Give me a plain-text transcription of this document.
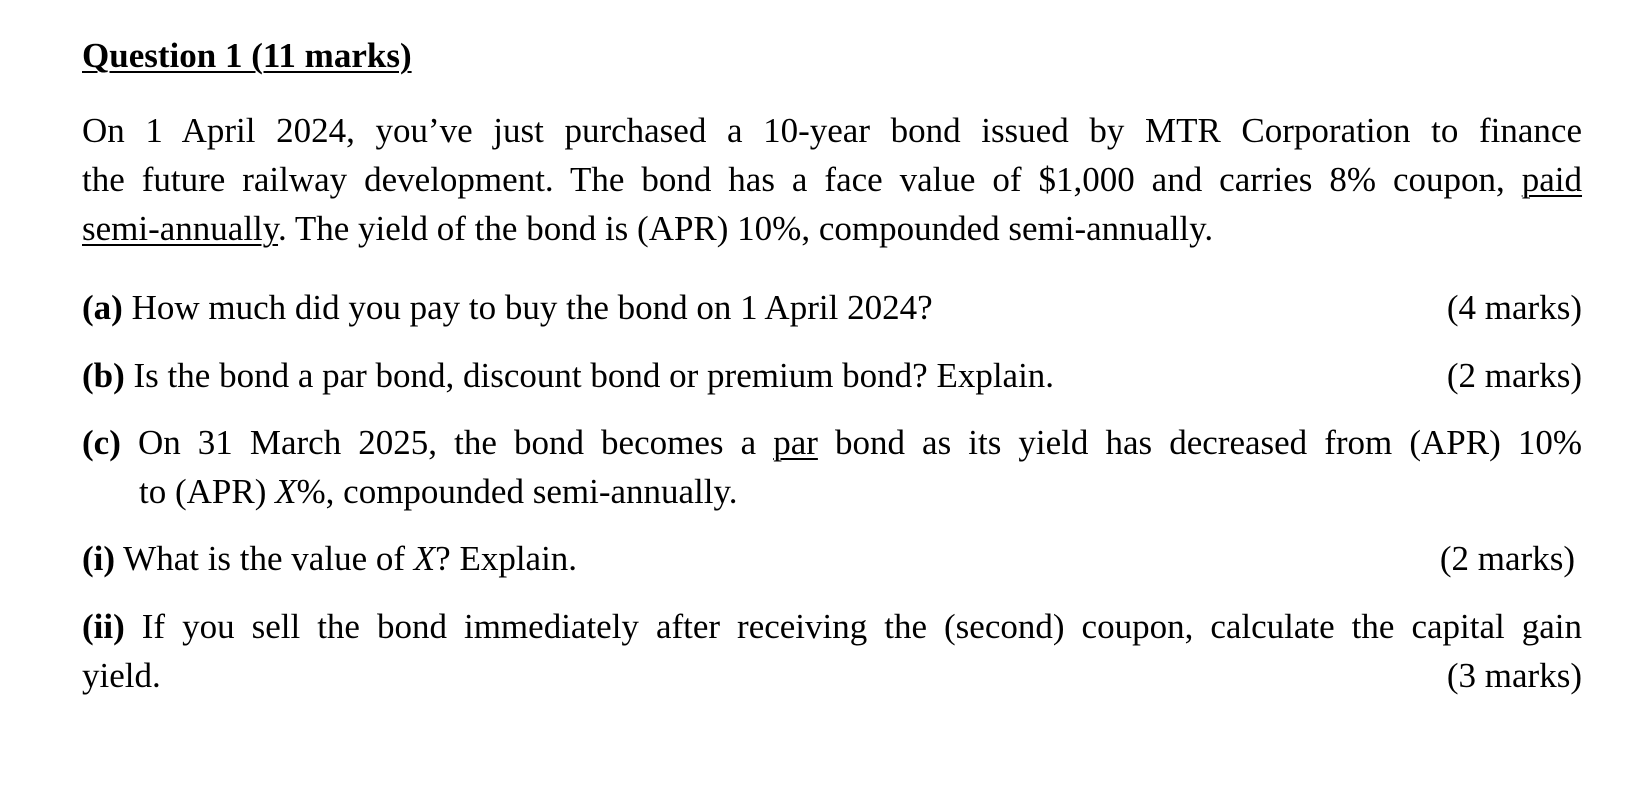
Question 1 (11 marks)
On 1 April 2024, you’ve just purchased a 10-year bond issued by MTR Corporation to finance
the future railway development. The bond has a face value of $1,000 and carries 8% coupon, paid
semi-annually. The yield of the bond is (APR) 10%, compounded semi-annually.
(a) How much did you pay to buy the bond on 1 April 2024?	(4 marks)
(b) Is the bond a par bond, discount bond or premium bond? Explain.	(2 marks)
(c) On 31 March 2025, the bond becomes a par bond as its yield has decreased from (APR) 10%
to (APR) X%, compounded semi-annually.
(i) What is the value of X? Explain.	(2 marks)
(ii) If you sell the bond immediately after receiving the (second) coupon, calculate the capital gain
yield.	(3 marks)
